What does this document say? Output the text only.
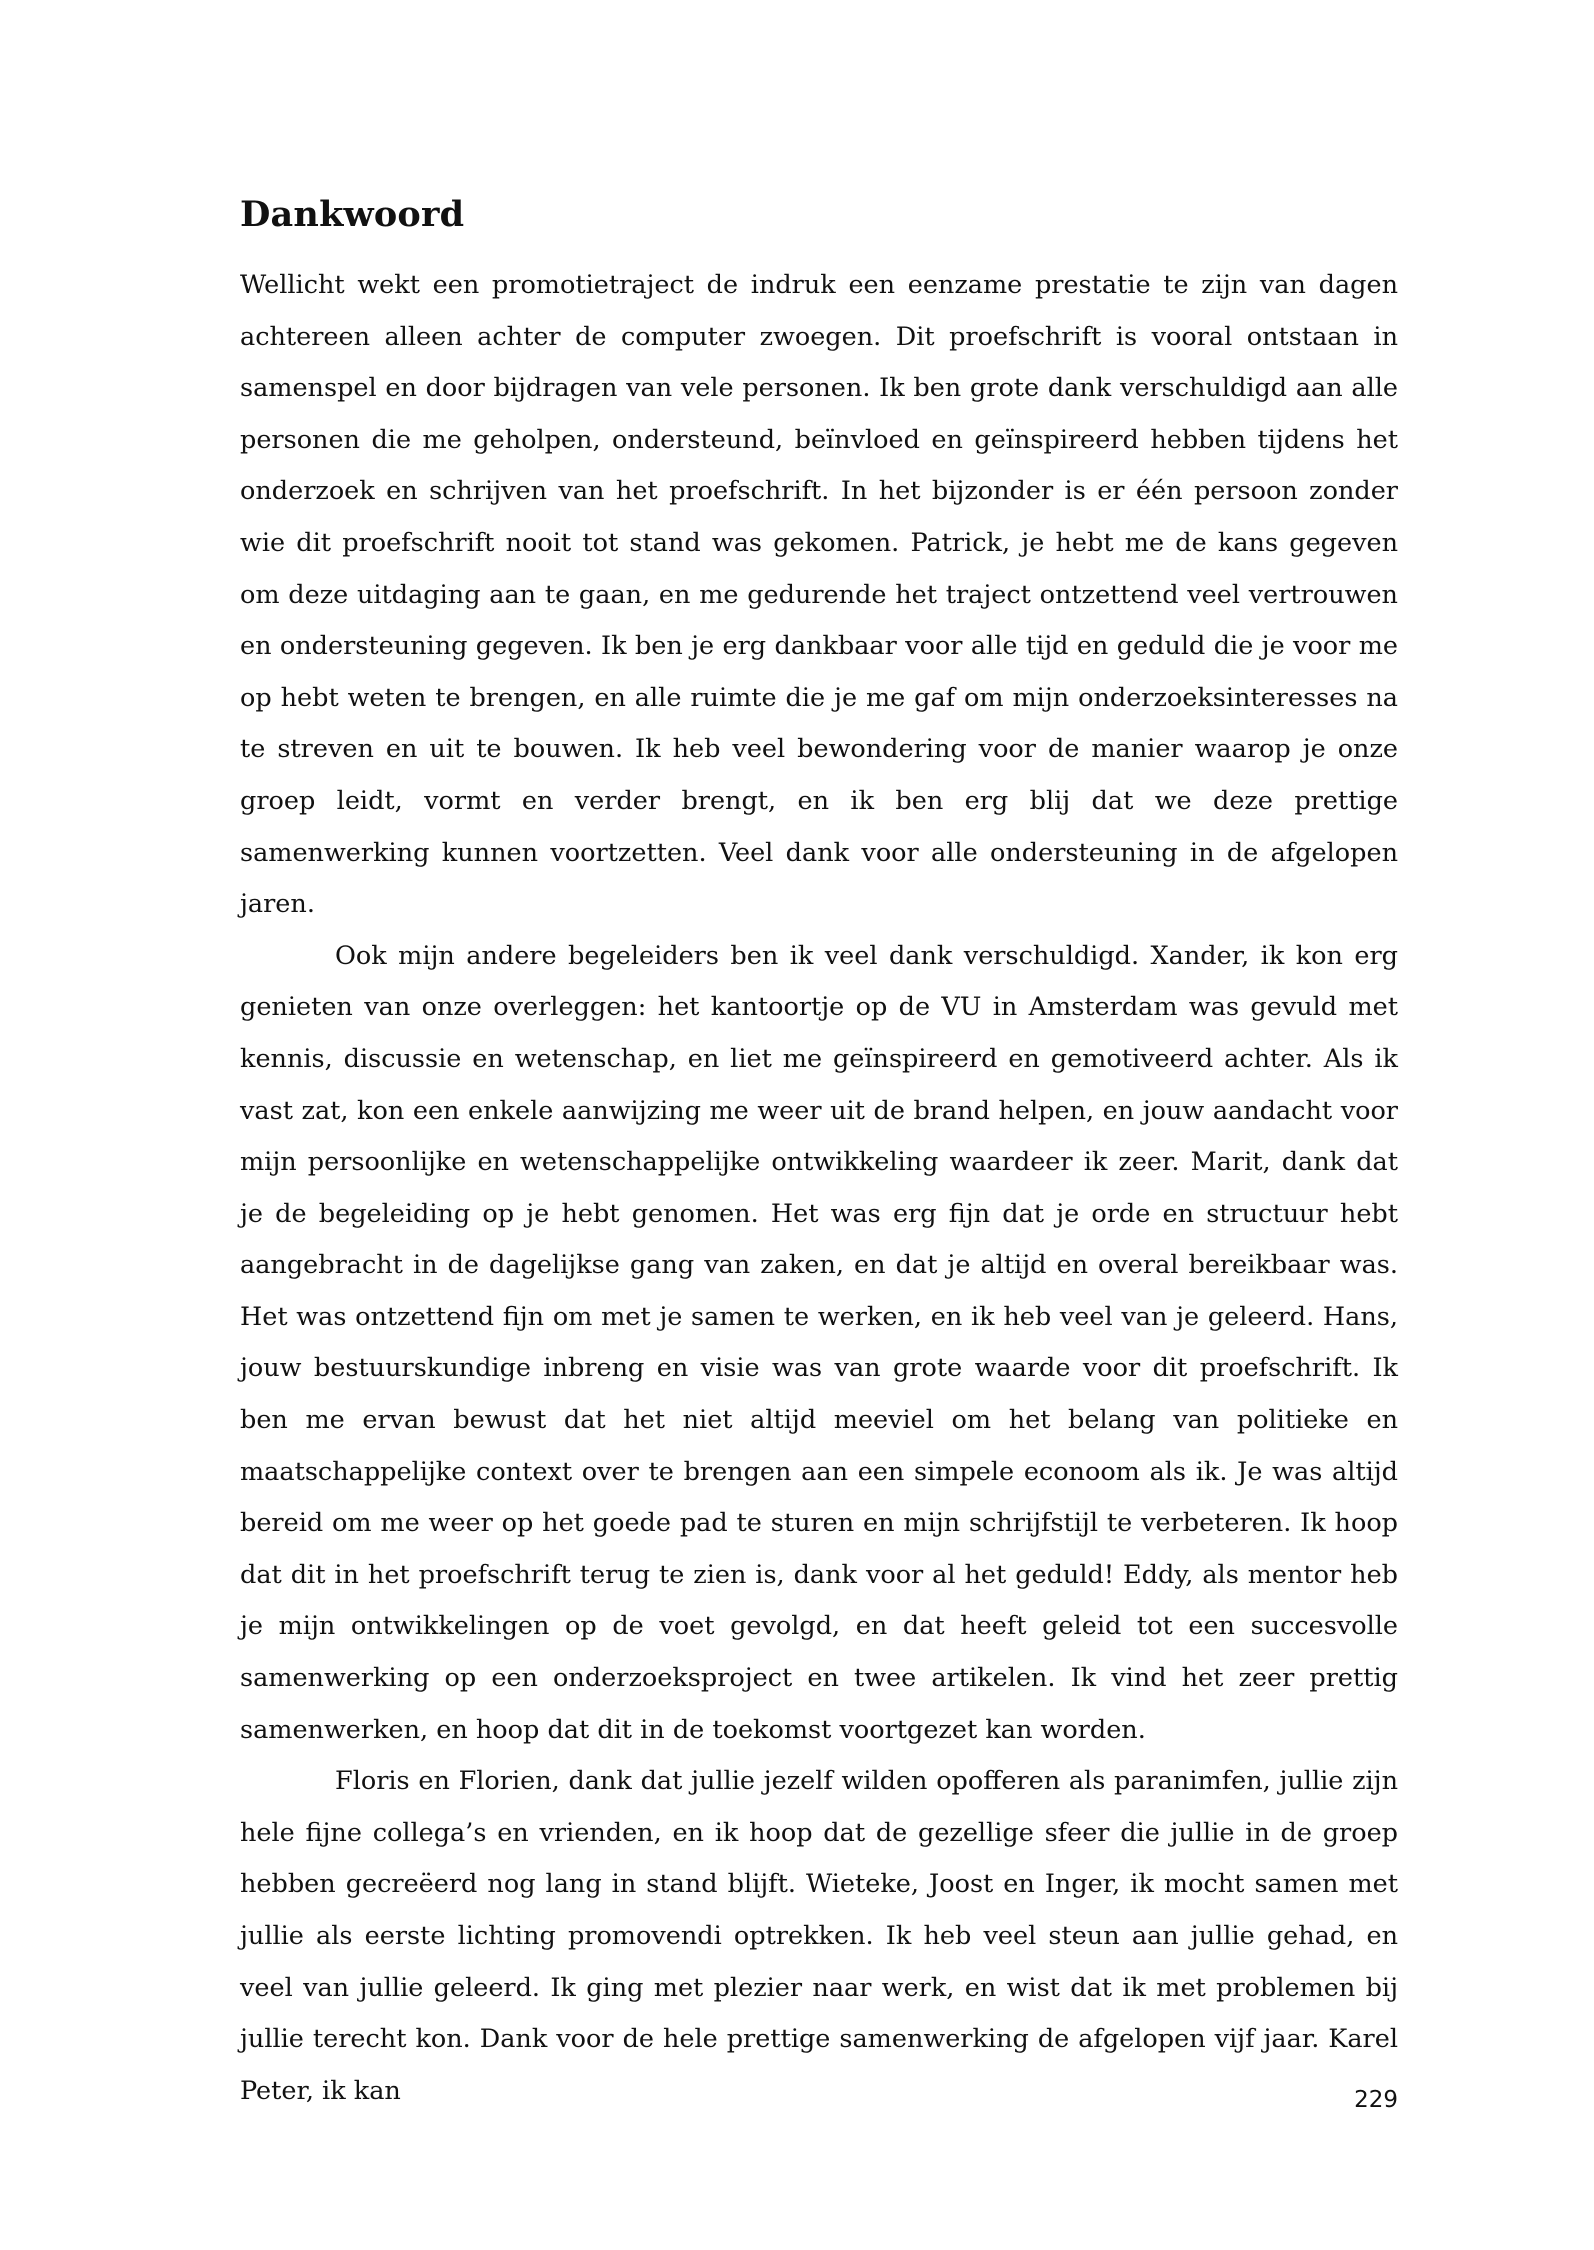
Dankwoord

Wellicht wekt een promotietraject de indruk een eenzame prestatie te zijn van dagen achtereen alleen achter de computer zwoegen. Dit proefschrift is vooral ontstaan in samenspel en door bijdragen van vele personen. Ik ben grote dank verschuldigd aan alle personen die me geholpen, ondersteund, beïnvloed en geïnspireerd hebben tijdens het onderzoek en schrijven van het proefschrift. In het bijzonder is er één persoon zonder wie dit proefschrift nooit tot stand was gekomen. Patrick, je hebt me de kans gegeven om deze uitdaging aan te gaan, en me gedurende het traject ontzettend veel vertrouwen en ondersteuning gegeven. Ik ben je erg dankbaar voor alle tijd en geduld die je voor me op hebt weten te brengen, en alle ruimte die je me gaf om mijn onderzoeksinteresses na te streven en uit te bouwen. Ik heb veel bewondering voor de manier waarop je onze groep leidt, vormt en verder brengt, en ik ben erg blij dat we deze prettige samenwerking kunnen voortzetten. Veel dank voor alle ondersteuning in de afgelopen jaren.

Ook mijn andere begeleiders ben ik veel dank verschuldigd. Xander, ik kon erg genieten van onze overleggen: het kantoortje op de VU in Amsterdam was gevuld met kennis, discussie en wetenschap, en liet me geïnspireerd en gemotiveerd achter. Als ik vast zat, kon een enkele aanwijzing me weer uit de brand helpen, en jouw aandacht voor mijn persoonlijke en wetenschappelijke ontwikkeling waardeer ik zeer. Marit, dank dat je de begeleiding op je hebt genomen. Het was erg fijn dat je orde en structuur hebt aangebracht in de dagelijkse gang van zaken, en dat je altijd en overal bereikbaar was. Het was ontzettend fijn om met je samen te werken, en ik heb veel van je geleerd. Hans, jouw bestuurskundige inbreng en visie was van grote waarde voor dit proefschrift. Ik ben me ervan bewust dat het niet altijd meeviel om het belang van politieke en maatschappelijke context over te brengen aan een simpele econoom als ik. Je was altijd bereid om me weer op het goede pad te sturen en mijn schrijfstijl te verbeteren. Ik hoop dat dit in het proefschrift terug te zien is, dank voor al het geduld! Eddy, als mentor heb je mijn ontwikkelingen op de voet gevolgd, en dat heeft geleid tot een succesvolle samenwerking op een onderzoeksproject en twee artikelen. Ik vind het zeer prettig samenwerken, en hoop dat dit in de toekomst voortgezet kan worden.

Floris en Florien, dank dat jullie jezelf wilden opofferen als paranimfen, jullie zijn hele fijne collega’s en vrienden, en ik hoop dat de gezellige sfeer die jullie in de groep hebben gecreëerd nog lang in stand blijft. Wieteke, Joost en Inger, ik mocht samen met jullie als eerste lichting promovendi optrekken. Ik heb veel steun aan jullie gehad, en veel van jullie geleerd. Ik ging met plezier naar werk, en wist dat ik met problemen bij jullie terecht kon. Dank voor de hele prettige samenwerking de afgelopen vijf jaar. Karel Peter, ik kan	229
